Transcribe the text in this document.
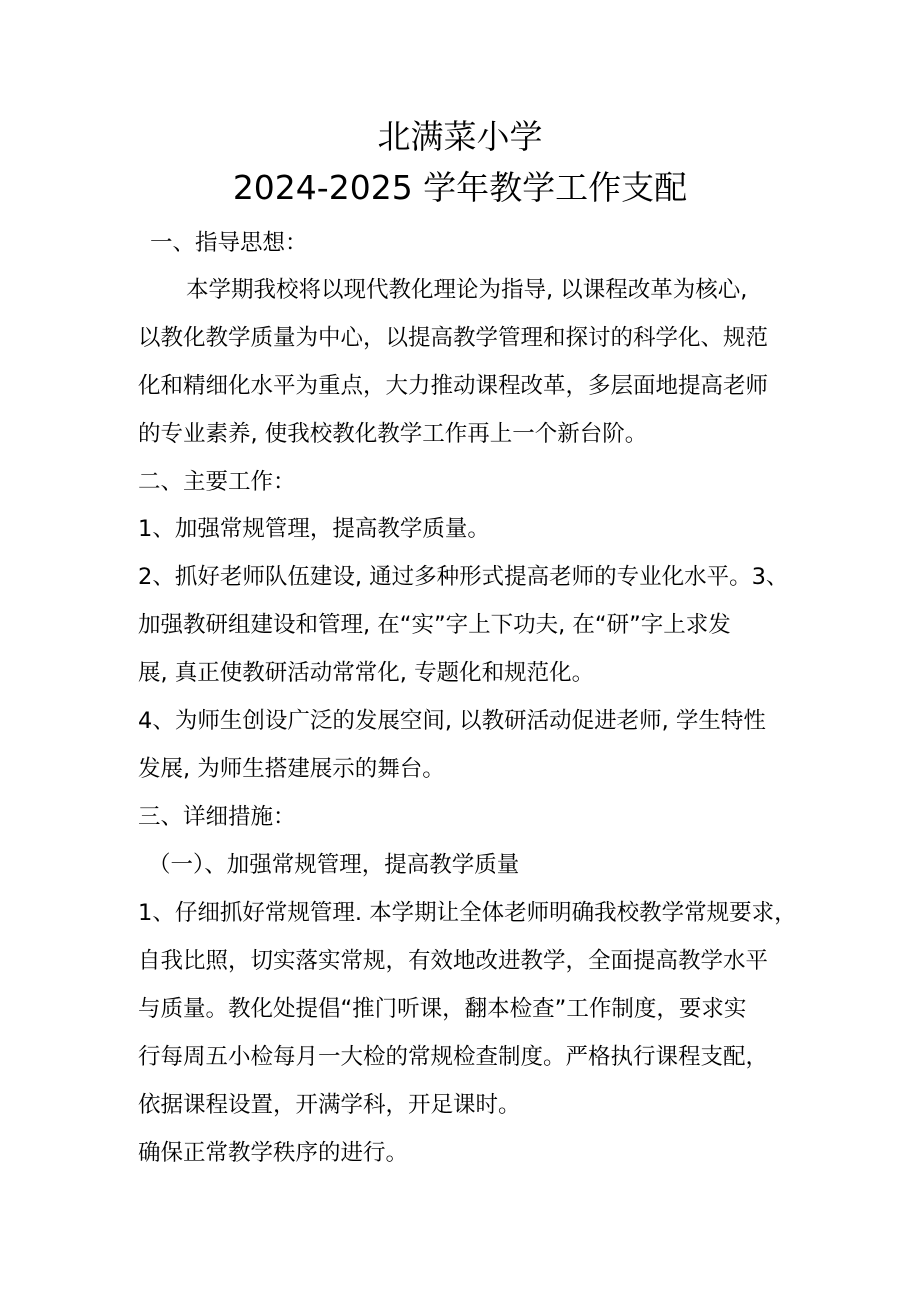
北满菜小学
2024-2025 学年教学工作支配
一、指导思想：
本学期我校将以现代教化理论为指导, 以课程改革为核心,
以教化教学质量为中心，以提高教学管理和探讨的科学化、规范
化和精细化水平为重点，大力推动课程改革，多层面地提高老师
的专业素养, 使我校教化教学工作再上一个新台阶。
二、主要工作：
1、加强常规管理，提高教学质量。
2、抓好老师队伍建设, 通过多种形式提高老师的专业化水平。3、
加强教研组建设和管理, 在“实”字上下功夫, 在“研”字上求发
展, 真正使教研活动常常化, 专题化和规范化。
4、为师生创设广泛的发展空间, 以教研活动促进老师, 学生特性
发展, 为师生搭建展示的舞台。
三、详细措施：
（一）、加强常规管理，提高教学质量
1、仔细抓好常规管理. 本学期让全体老师明确我校教学常规要求，
自我比照，切实落实常规，有效地改进教学，全面提高教学水平
与质量。教化处提倡“推门听课，翻本检查”工作制度，要求实
行每周五小检每月一大检的常规检查制度。严格执行课程支配，
依据课程设置，开满学科，开足课时。
确保正常教学秩序的进行。
